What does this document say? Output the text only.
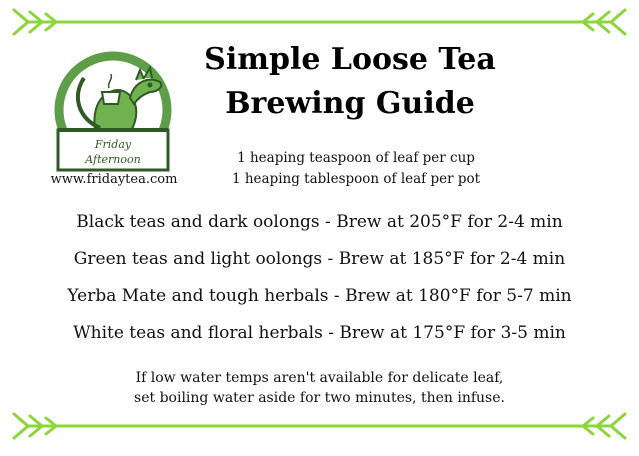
Friday
Afternoon
www.fridaytea.com
Simple Loose Tea
Brewing Guide
1 heaping teaspoon of leaf per cup
1 heaping tablespoon of leaf per pot
Black teas and dark oolongs - Brew at 205°F for 2-4 min
Green teas and light oolongs - Brew at 185°F for 2-4 min
Yerba Mate and tough herbals - Brew at 180°F for 5-7 min
White teas and floral herbals - Brew at 175°F for 3-5 min
If low water temps aren't available for delicate leaf,
set boiling water aside for two minutes, then infuse.
